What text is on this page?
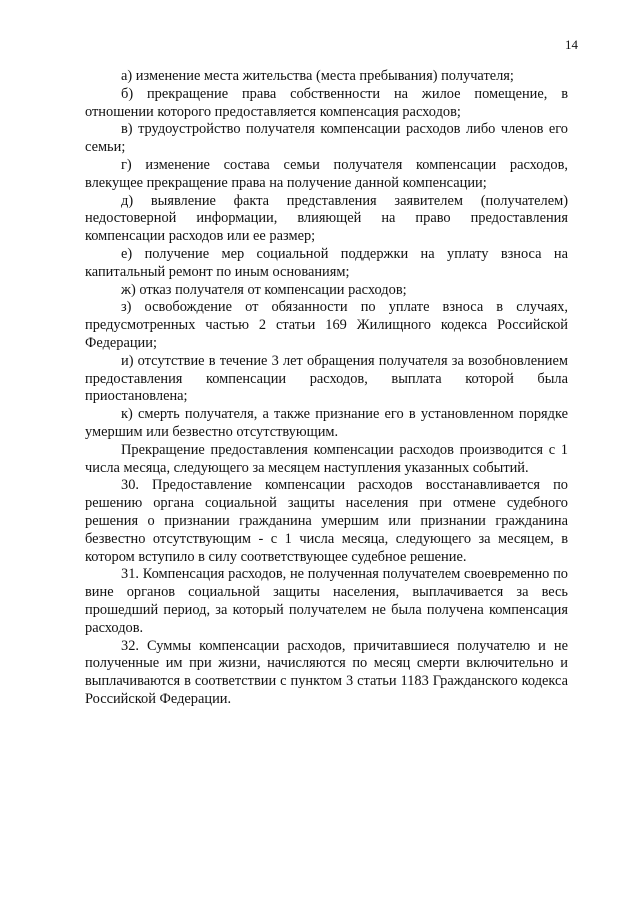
14

а) изменение места жительства (места пребывания) получателя;

б) прекращение права собственности на жилое помещение, в отношении которого предоставляется компенсация расходов;

в) трудоустройство получателя компенсации расходов либо членов его семьи;

г) изменение состава семьи получателя компенсации расходов, влекущее прекращение права на получение данной компенсации;

д) выявление факта представления заявителем (получателем) недостоверной информации, влияющей на право предоставления компенсации расходов или ее размер;

е) получение мер социальной поддержки на уплату взноса на капитальный ремонт по иным основаниям;

ж) отказ получателя от компенсации расходов;

з) освобождение от обязанности по уплате взноса в случаях, предусмотренных частью 2 статьи 169 Жилищного кодекса Российской Федерации;

и) отсутствие в течение 3 лет обращения получателя за возобновлением предоставления компенсации расходов, выплата которой была приостановлена;

к) смерть получателя, а также признание его в установленном порядке умершим или безвестно отсутствующим.

Прекращение предоставления компенсации расходов производится с 1 числа месяца, следующего за месяцем наступления указанных событий.

30. Предоставление компенсации расходов восстанавливается по решению органа социальной защиты населения при отмене судебного решения о признании гражданина умершим или признании гражданина безвестно отсутствующим - с 1 числа месяца, следующего за месяцем, в котором вступило в силу соответствующее судебное решение.

31. Компенсация расходов, не полученная получателем своевременно по вине органов социальной защиты населения, выплачивается за весь прошедший период, за который получателем не была получена компенсация расходов.

32. Суммы компенсации расходов, причитавшиеся получателю и не полученные им при жизни, начисляются по месяц смерти включительно и выплачиваются в соответствии с пунктом 3 статьи 1183 Гражданского кодекса Российской Федерации.
